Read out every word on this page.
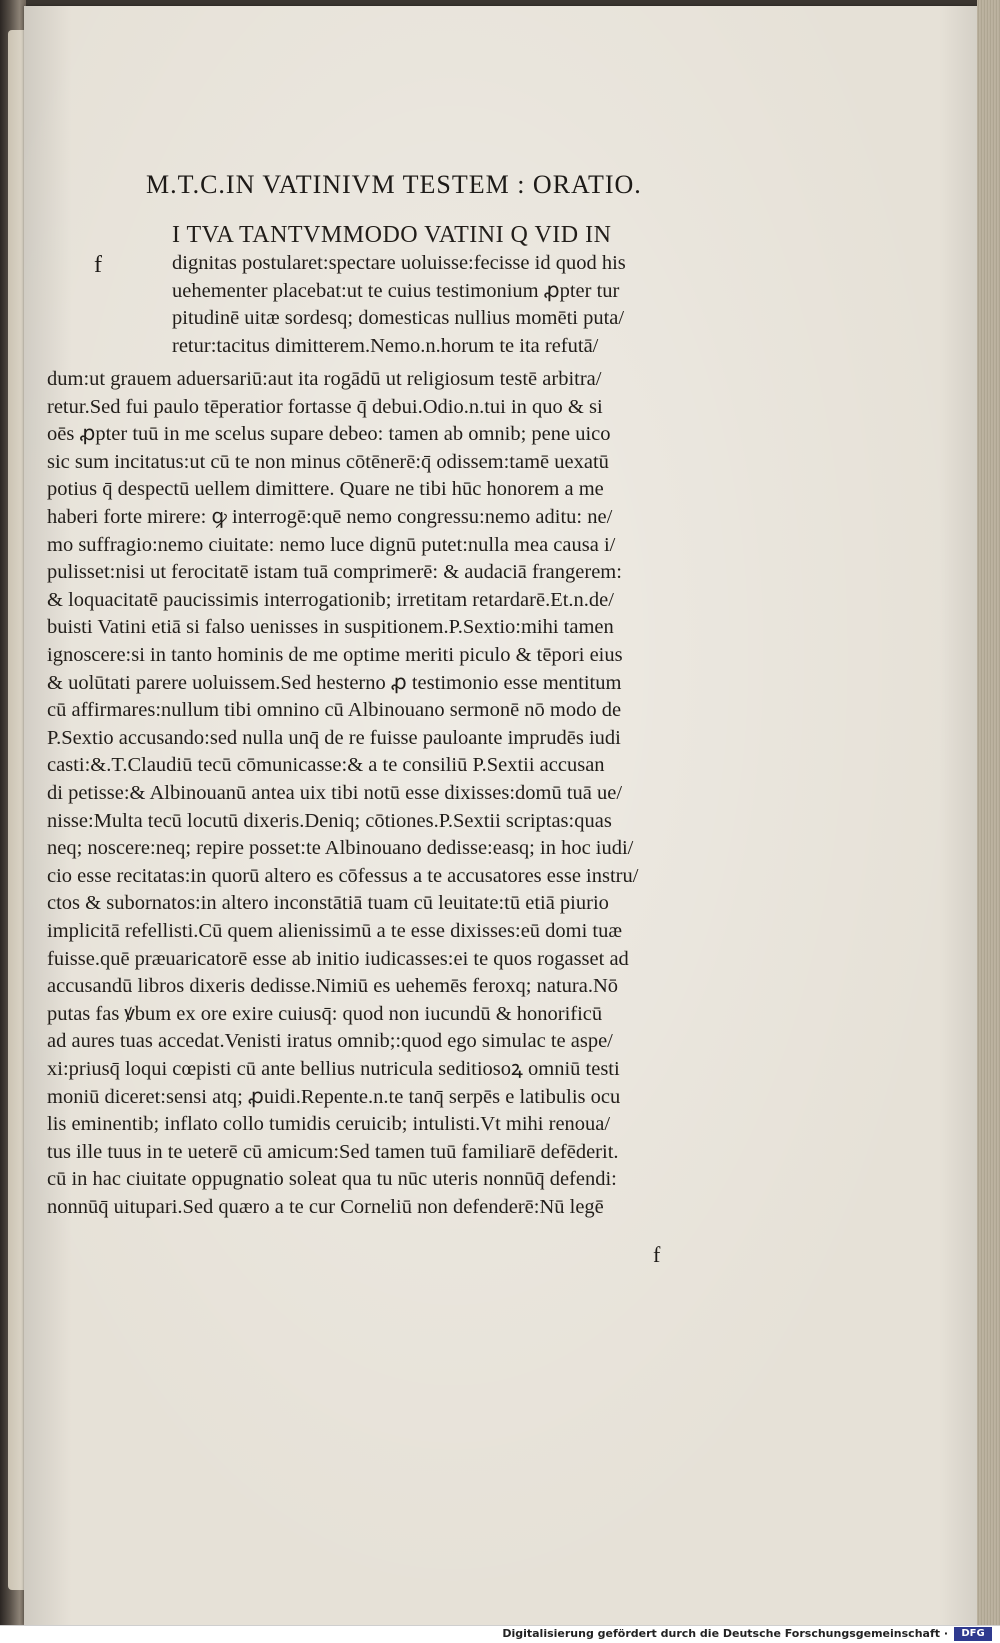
M.T.C.IN VATINIVM TESTEM : ORATIO.
f
I TVA TANTVMMODO VATINI Q VID IN
dignitas postularet:spectare uoluisse:fecisse id quod his
uehementer placebat:ut te cuius testimonium ꝓpter tur
pitudinē uitæ sordesq; domesticas nullius momēti puta/
retur:tacitus dimitterem.Nemo.n.horum te ita refutā/
dum:ut grauem aduersariū:aut ita rogādū ut religiosum testē arbitra/
retur.Sed fui paulo tēperatior fortasse q̄ debui.Odio.n.tui in quo & si
oēs ꝓpter tuū in me scelus supare debeo: tamen ab omnib; pene uico
sic sum incitatus:ut cū te non minus cōtēnerē:q̄ odissem:tamē uexatū
potius q̄ despectū uellem dimittere. Quare ne tibi hūc honorem a me
haberi forte mirere: ꝙ interrogē:quē nemo congressu:nemo aditu: ne/
mo suffragio:nemo ciuitate: nemo luce dignū putet:nulla mea causa i/
pulisset:nisi ut ferocitatē istam tuā comprimerē: & audaciā frangerem:
& loquacitatē paucissimis interrogationib; irretitam retardarē.Et.n.de/
buisti Vatini etiā si falso uenisses in suspitionem.P.Sextio:mihi tamen
ignoscere:si in tanto hominis de me optime meriti piculo & tēpori eius
& uolūtati parere uoluissem.Sed hesterno ꝓ testimonio esse mentitum
cū affirmares:nullum tibi omnino cū Albinouano sermonē nō modo de
P.Sextio accusando:sed nulla unq̄ de re fuisse pauloante imprudēs iudi
casti:&.T.Claudiū tecū cōmunicasse:& a te consiliū P.Sextii accusan
di petisse:& Albinouanū antea uix tibi notū esse dixisses:domū tuā ue/
nisse:Multa tecū locutū dixeris.Deniq; cōtiones.P.Sextii scriptas:quas
neq; noscere:neq; repire posset:te Albinouano dedisse:easq; in hoc iudi/
cio esse recitatas:in quorū altero es cōfessus a te accusatores esse instru/
ctos & subornatos:in altero inconstātiā tuam cū leuitate:tū etiā piurio
implicitā refellisti.Cū quem alienissimū a te esse dixisses:eū domi tuæ
fuisse.quē præuaricatorē esse ab initio iudicasses:ei te quos rogasset ad
accusandū libros dixeris dedisse.Nimiū es uehemēs feroxq; natura.Nō
putas fas ꝟbum ex ore exire cuiusq̄: quod non iucundū & honorificū
ad aures tuas accedat.Venisti iratus omnib;:quod ego simulac te aspe/
xi:priusq̄ loqui cœpisti cū ante bellius nutricula seditiosoꝝ omniū testi
moniū diceret:sensi atq; ꝓuidi.Repente.n.te tanq̄ serpēs e latibulis ocu
lis eminentib; inflato collo tumidis ceruicib; intulisti.Vt mihi renoua/
tus ille tuus in te ueterē cū amicum:Sed tamen tuū familiarē defēderit.
cū in hac ciuitate oppugnatio soleat qua tu nūc uteris nonnūq̄ defendi:
nonnūq̄ uitupari.Sed quæro a te cur Corneliū non defenderē:Nū legē
f
Digitalisierung gefördert durch die Deutsche Forschungsgemeinschaft ·	DFG
